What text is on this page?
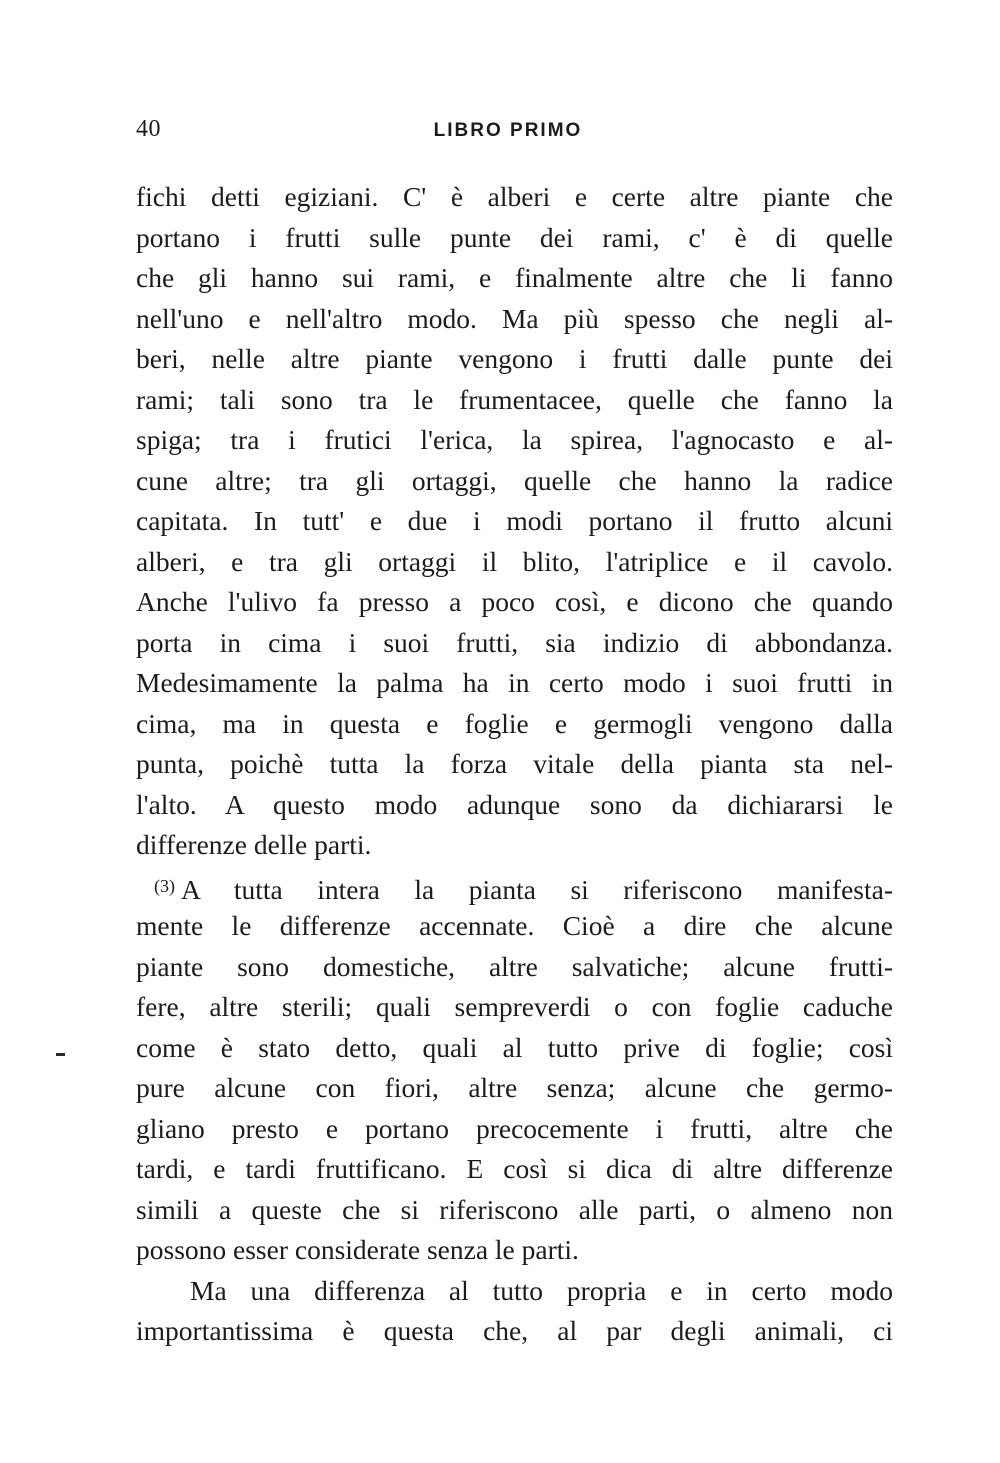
40	LIBRO PRIMO
fichi detti egiziani. C' è alberi e certe altre piante che
portano i frutti sulle punte dei rami, c' è di quelle
che gli hanno sui rami, e finalmente altre che li fanno
nell'uno e nell'altro modo. Ma più spesso che negli al-
beri, nelle altre piante vengono i frutti dalle punte dei
rami; tali sono tra le frumentacee, quelle che fanno la
spiga; tra i frutici l'erica, la spirea, l'agnocasto e al-
cune altre; tra gli ortaggi, quelle che hanno la radice
capitata. In tutt' e due i modi portano il frutto alcuni
alberi, e tra gli ortaggi il blito, l'atriplice e il cavolo.
Anche l'ulivo fa presso a poco così, e dicono che quando
porta in cima i suoi frutti, sia indizio di abbondanza.
Medesimamente la palma ha in certo modo i suoi frutti in
cima, ma in questa e foglie e germogli vengono dalla
punta, poichè tutta la forza vitale della pianta sta nel-
l'alto. A questo modo adunque sono da dichiararsi le
differenze delle parti.
$^{(3)}$ A tutta intera la pianta si riferiscono manifesta-
mente le differenze accennate. Cioè a dire che alcune
piante sono domestiche, altre salvatiche; alcune frutti-
fere, altre sterili; quali sempreverdi o con foglie caduche
come è stato detto, quali al tutto prive di foglie; così
pure alcune con fiori, altre senza; alcune che germo-
gliano presto e portano precocemente i frutti, altre che
tardi, e tardi fruttificano. E così si dica di altre differenze
simili a queste che si riferiscono alle parti, o almeno non
possono esser considerate senza le parti.
Ma una differenza al tutto propria e in certo modo
importantissima è questa che, al par degli animali, ci
